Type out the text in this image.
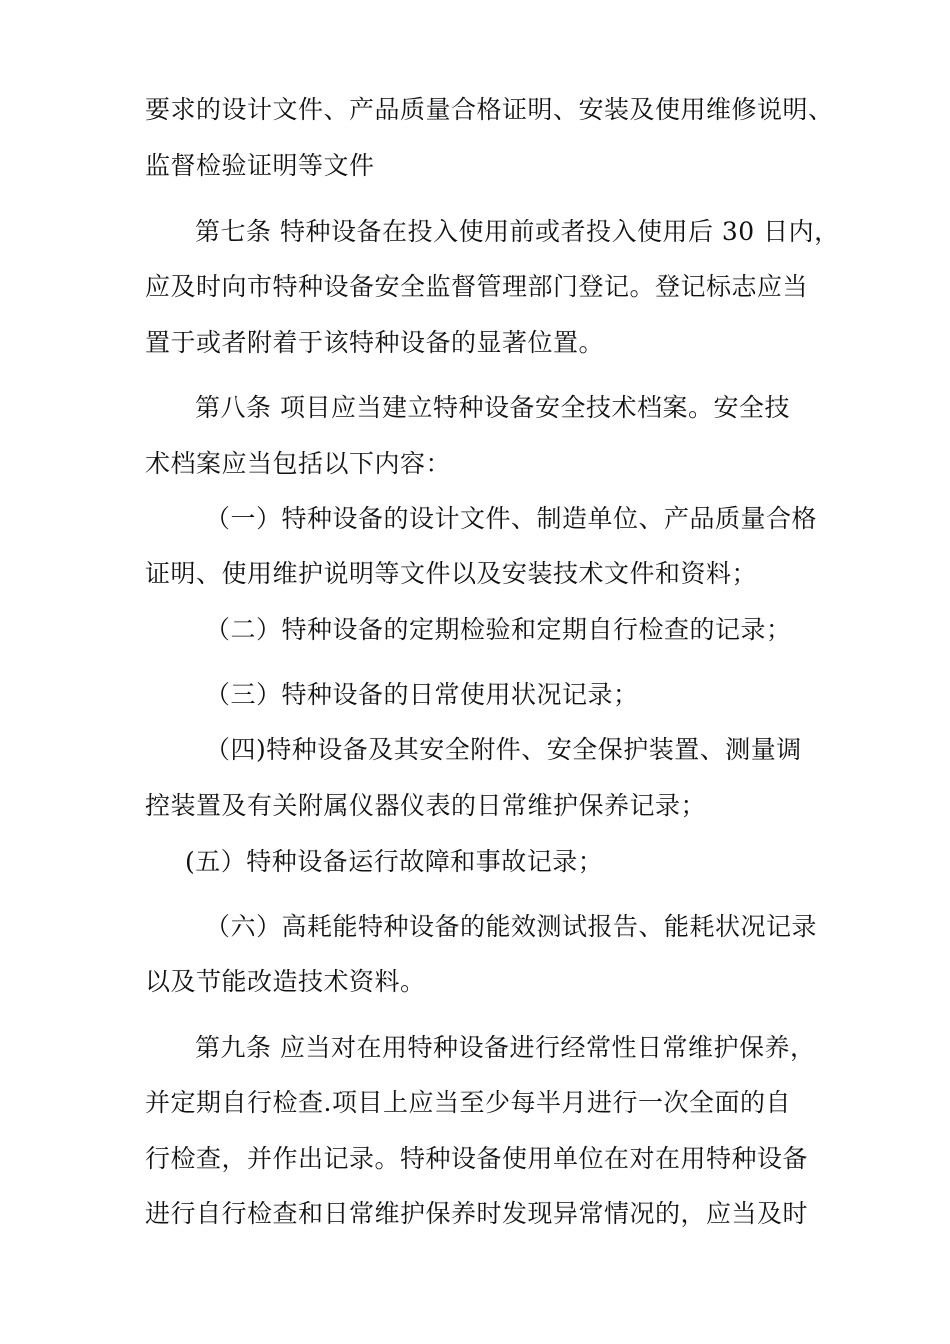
要求的设计文件、产品质量合格证明、安装及使用维修说明、
监督检验证明等文件
第七条 特种设备在投入使用前或者投入使用后 30 日内，
应及时向市特种设备安全监督管理部门登记。登记标志应当
置于或者附着于该特种设备的显著位置。
第八条 项目应当建立特种设备安全技术档案。安全技
术档案应当包括以下内容：
（一）特种设备的设计文件、制造单位、产品质量合格
证明、使用维护说明等文件以及安装技术文件和资料；
（二）特种设备的定期检验和定期自行检查的记录；
（三）特种设备的日常使用状况记录；
（四)特种设备及其安全附件、安全保护装置、测量调
控装置及有关附属仪器仪表的日常维护保养记录；
(五）特种设备运行故障和事故记录；
（六）高耗能特种设备的能效测试报告、能耗状况记录
以及节能改造技术资料。
第九条 应当对在用特种设备进行经常性日常维护保养，
并定期自行检查.项目上应当至少每半月进行一次全面的自
行检查，并作出记录。特种设备使用单位在对在用特种设备
进行自行检查和日常维护保养时发现异常情况的，应当及时
